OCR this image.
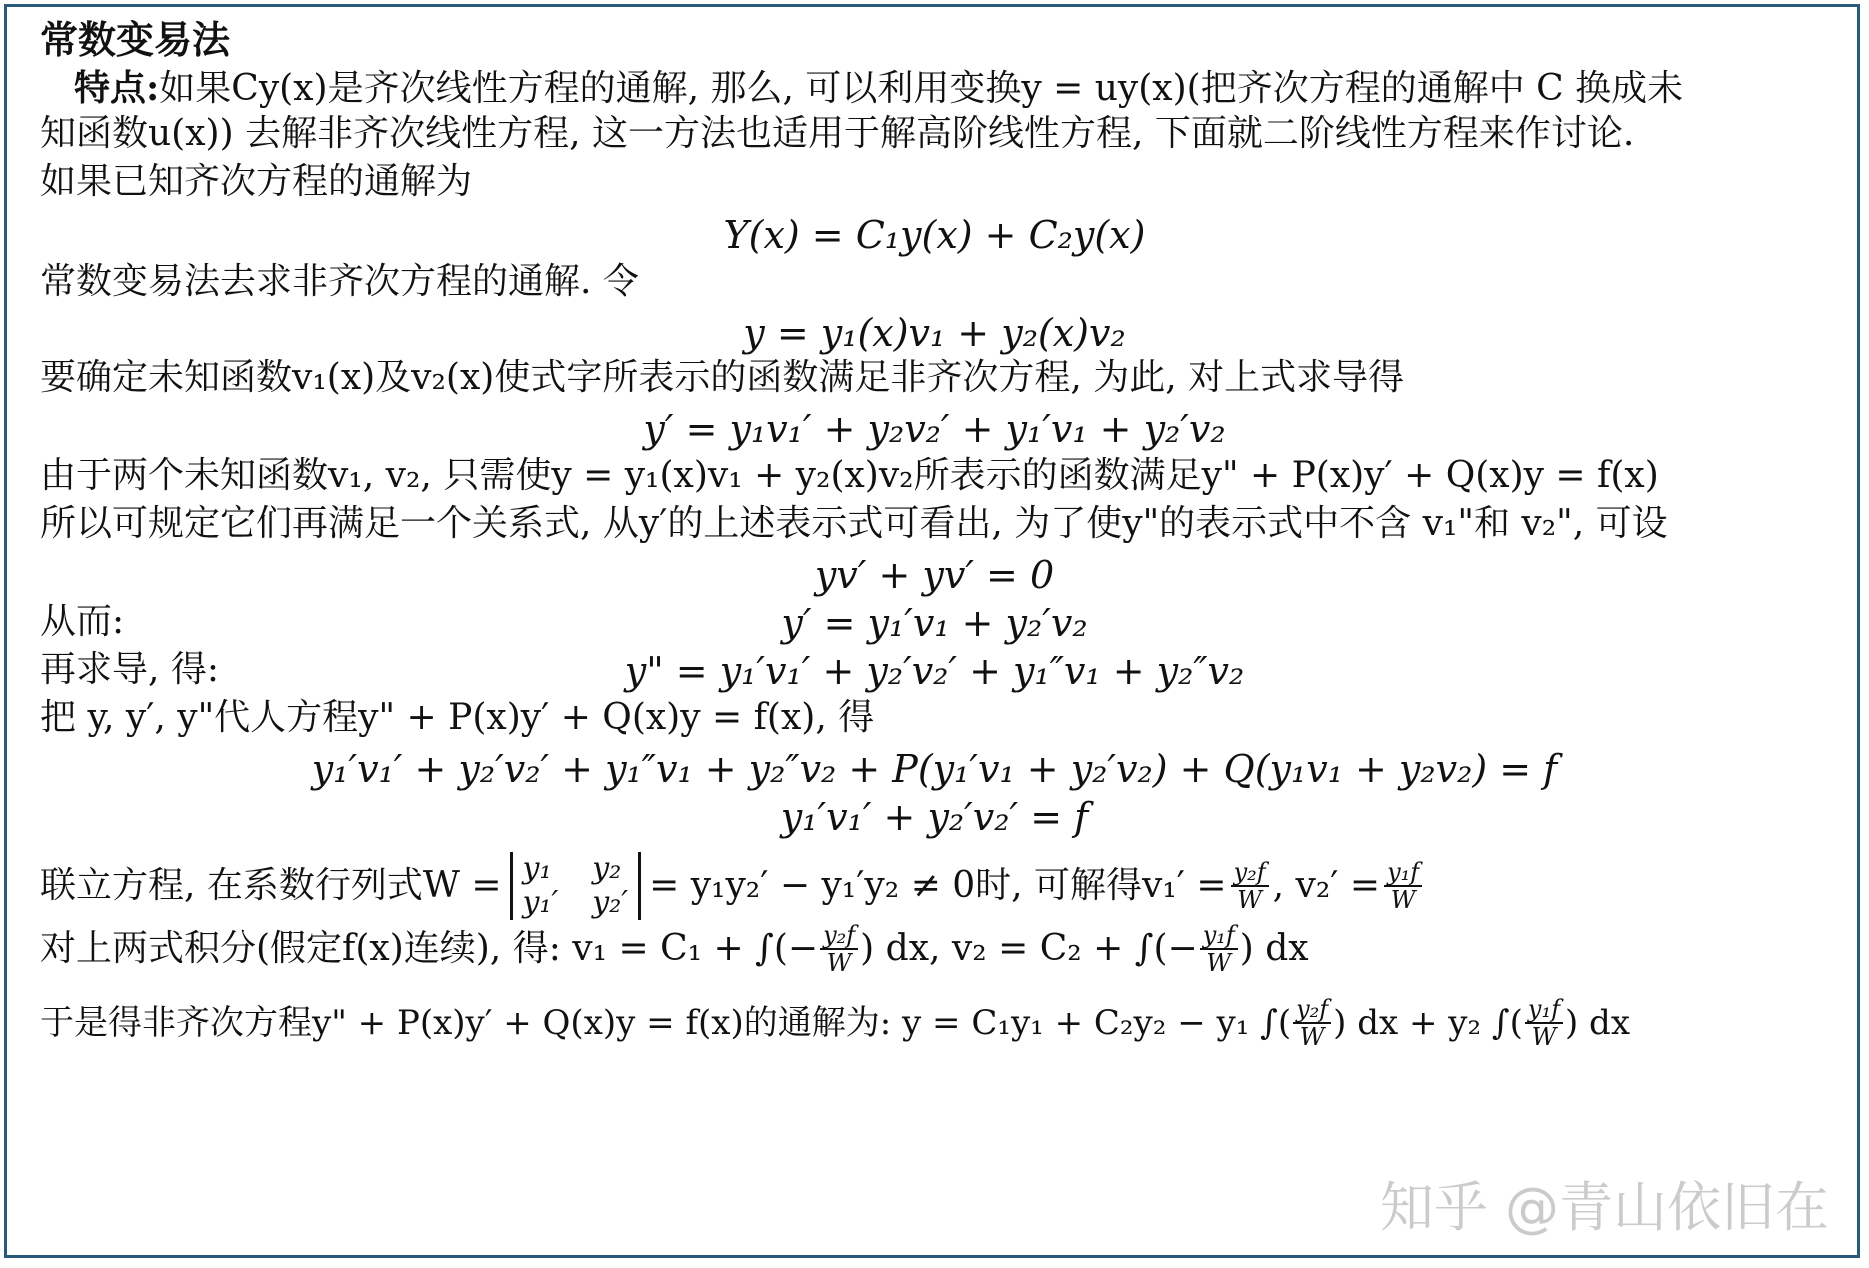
常数变易法
特点:如果Cy(x)是齐次线性方程的通解, 那么, 可以利用变换y = uy(x)(把齐次方程的通解中 C 换成未
知函数u(x)) 去解非齐次线性方程, 这一方法也适用于解高阶线性方程, 下面就二阶线性方程来作讨论.
如果已知齐次方程的通解为
Y(x) = C₁y(x) + C₂y(x)
常数变易法去求非齐次方程的通解. 令
y = y₁(x)v₁ + y₂(x)v₂
要确定未知函数v₁(x)及v₂(x)使式字所表示的函数满足非齐次方程, 为此, 对上式求导得
y′ = y₁v₁′ + y₂v₂′ + y₁′v₁ + y₂′v₂
由于两个未知函数v₁, v₂, 只需使y = y₁(x)v₁ + y₂(x)v₂所表示的函数满足y" + P(x)y′ + Q(x)y = f(x)
所以可规定它们再满足一个关系式, 从y′的上述表示式可看出, 为了使y"的表示式中不含 v₁"和 v₂", 可设
yv′ + yv′ = 0
从而:	y′ = y₁′v₁ + y₂′v₂
再求导, 得:	y" = y₁′v₁′ + y₂′v₂′ + y₁″v₁ + y₂″v₂
把 y, y′, y"代人方程y" + P(x)y′ + Q(x)y = f(x), 得
y₁′v₁′ + y₂′v₂′ + y₁″v₁ + y₂″v₂ + P(y₁′v₁ + y₂′v₂) + Q(y₁v₁ + y₂v₂) = f
y₁′v₁′ + y₂′v₂′ = f
联立方程, 在系数行列式W = y₁ y₂
y₁′ y₂′ = y₁y₂′ − y₁′y₂ ≠ 0时, 可解得$v_1' = \frac{\text{y₂f}}{W}$ , $v_2' = \frac{\text{y₁f}}{W}$
对上两式积分(假定f(x)连续), 得: v₁ = C₁ + ∫(− $\frac{\text{y₂f}}{W}$ ) dx, v₂ = C₂ + ∫(− $\frac{\text{y₁f}}{W}$ ) dx
于是得非齐次方程y" + P(x)y′ + Q(x)y = f(x)的通解为: y = C₁y₁ + C₂y₂ − y₁ ∫( $\frac{\text{y₂f}}{W}$ ) dx + y₂ ∫( $\frac{\text{y₁f}}{W}$ ) dx
知乎 @青山依旧在
